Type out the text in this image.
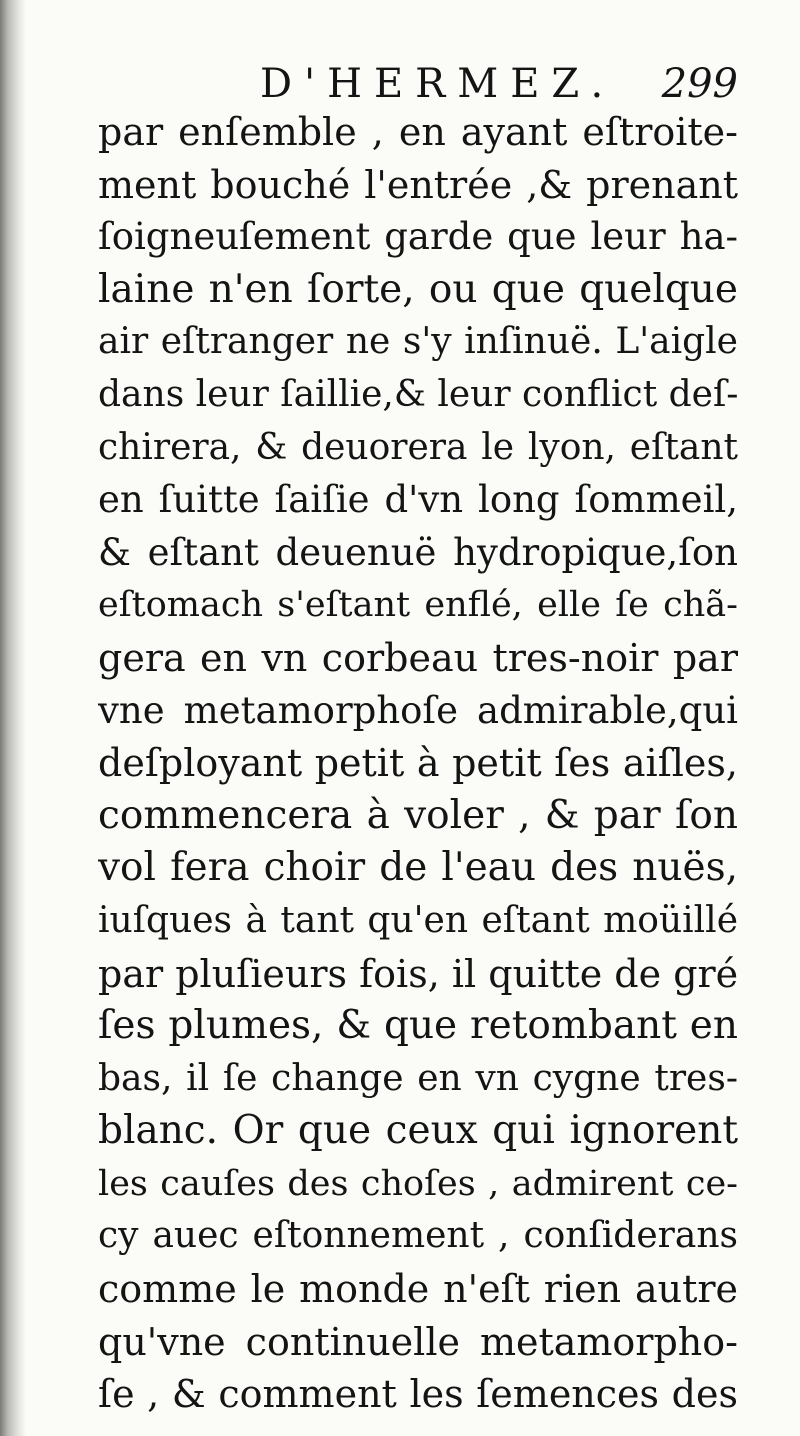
D'HERMEZ. 299
par enſemble , en ayant eſtroite-
ment bouché l'entrée ,& prenant
ſoigneuſement garde que leur ha-
laine n'en ſorte, ou que quelque
air eſtranger ne s'y inſinuë. L'aigle
dans leur ſaillie,& leur conflict deſ-
chirera, & deuorera le lyon, eſtant
en ſuitte ſaiſie d'vn long ſommeil,
& eſtant deuenuë hydropique,ſon
eſtomach s'eſtant enflé, elle ſe chã-
gera en vn corbeau tres-noir par
vne metamorphoſe admirable,qui
deſployant petit à petit ſes aiſles,
commencera à voler , & par ſon
vol fera choir de l'eau des nuës,
iuſques à tant qu'en eſtant moüillé
par pluſieurs fois, il quitte de gré
ſes plumes, & que retombant en
bas, il ſe change en vn cygne tres-
blanc. Or que ceux qui ignorent
les cauſes des choſes , admirent ce-
cy auec eſtonnement , conſiderans
comme le monde n'eſt rien autre
qu'vne continuelle metamorpho-
ſe , & comment les ſemences des
